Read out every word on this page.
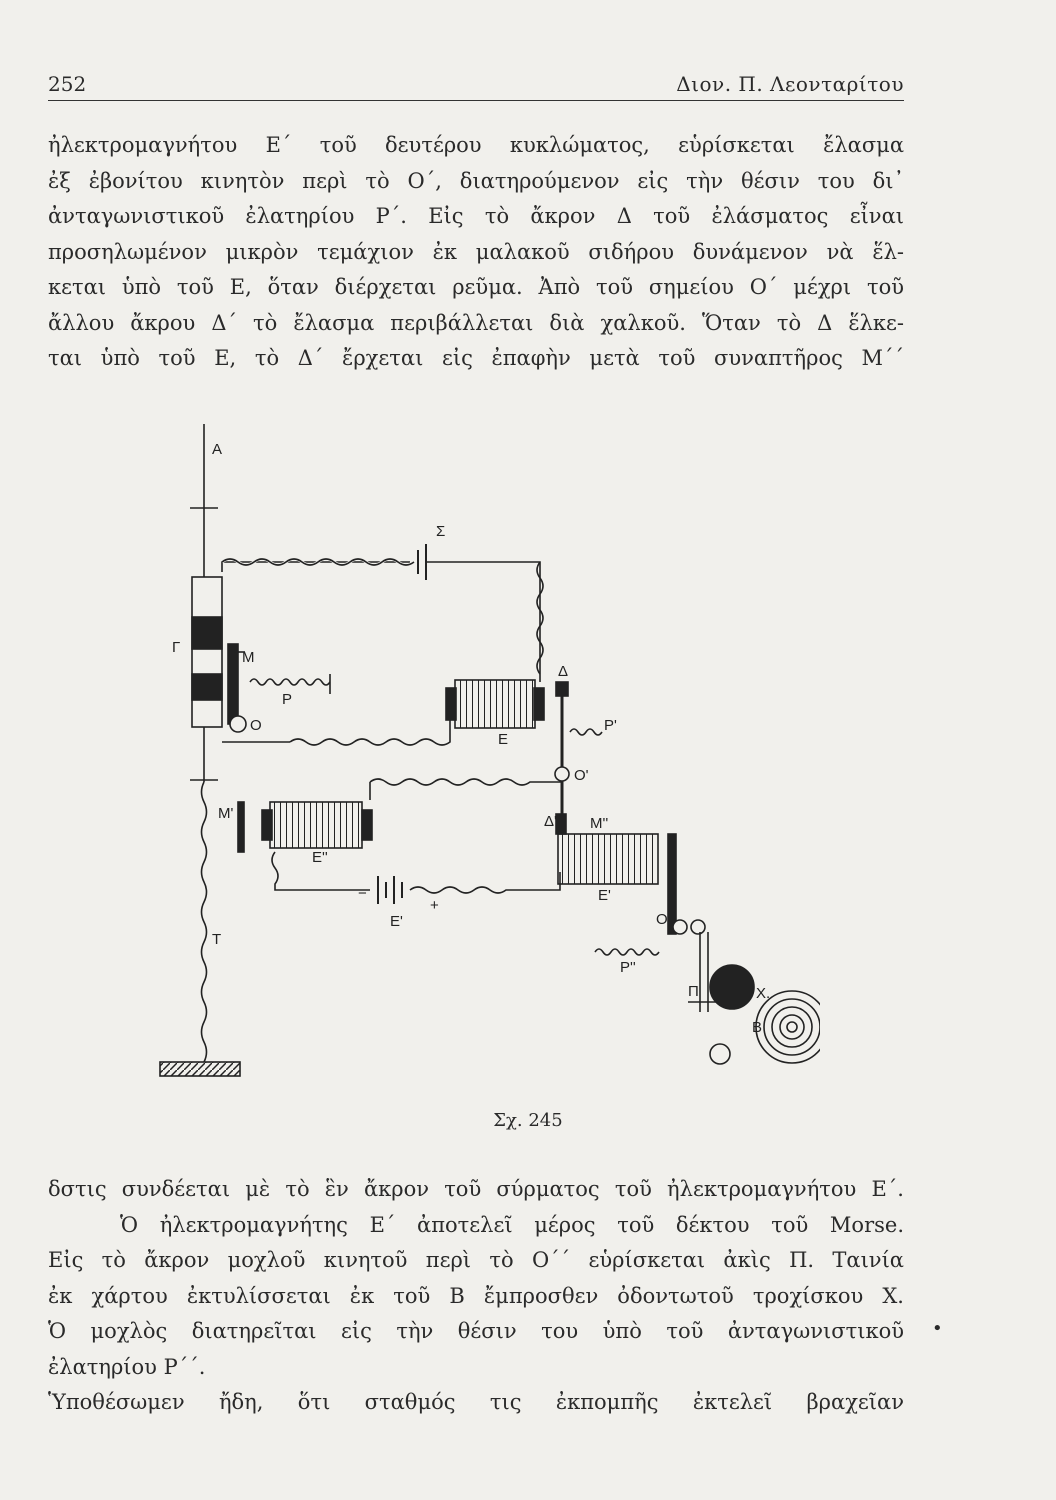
252	Διον. Π. Λεονταρίτου
ἠλεκτρομαγνήτου Ε΄ τοῦ δευτέρου κυκλώματος, εὑρίσκεται ἔλασμα
ἐξ ἐβονίτου κινητὸν περὶ τὸ Ο΄, διατηρούμενον εἰς τὴν θέσιν του δι᾽
ἀνταγωνιστικοῦ ἐλατηρίου Ρ΄. Εἰς τὸ ἄκρον Δ τοῦ ἐλάσματος εἶναι
προσηλωμένον μικρὸν τεμάχιον ἐκ μαλακοῦ σιδήρου δυνάμενον νὰ ἕλ-
κεται ὑπὸ τοῦ Ε, ὅταν διέρχεται ρεῦμα. Ἀπὸ τοῦ σημείου Ο΄ μέχρι τοῦ
ἄλλου ἄκρου Δ΄ τὸ ἔλασμα περιβάλλεται διὰ χαλκοῦ. Ὅταν τὸ Δ ἕλκε-
ται ὑπὸ τοῦ Ε, τὸ Δ΄ ἔρχεται εἰς ἐπαφὴν μετὰ τοῦ συναπτῆρος Μ΄΄
A
Γ
M
P
O
Σ
E
Δ
P'
O'
Δ' M''
M'
E''
E'
E'
T
O''
P''
Π	X.
B
+
−
Σχ. 245
δστις συνδέεται μὲ τὸ ἓν ἄκρον τοῦ σύρματος τοῦ ἠλεκτρομαγνήτου Ε΄.
Ὁ ἠλεκτρομαγνήτης Ε΄ ἀποτελεῖ μέρος τοῦ δέκτου τοῦ Morse.
Εἰς τὸ ἄκρον μοχλοῦ κινητοῦ περὶ τὸ Ο΄΄ εὑρίσκεται ἀκὶς Π. Ταινία
ἐκ χάρτου ἐκτυλίσσεται ἐκ τοῦ Β ἔμπροσθεν ὀδοντωτοῦ τροχίσκου Χ.
Ὁ μοχλὸς διατηρεῖται εἰς τὴν θέσιν του ὑπὸ τοῦ ἀνταγωνιστικοῦ
ἐλατηρίου Ρ΄΄.
Ὑποθέσωμεν ἤδη, ὅτι σταθμός τις ἐκπομπῆς ἐκτελεῖ βραχεῖαν
•
